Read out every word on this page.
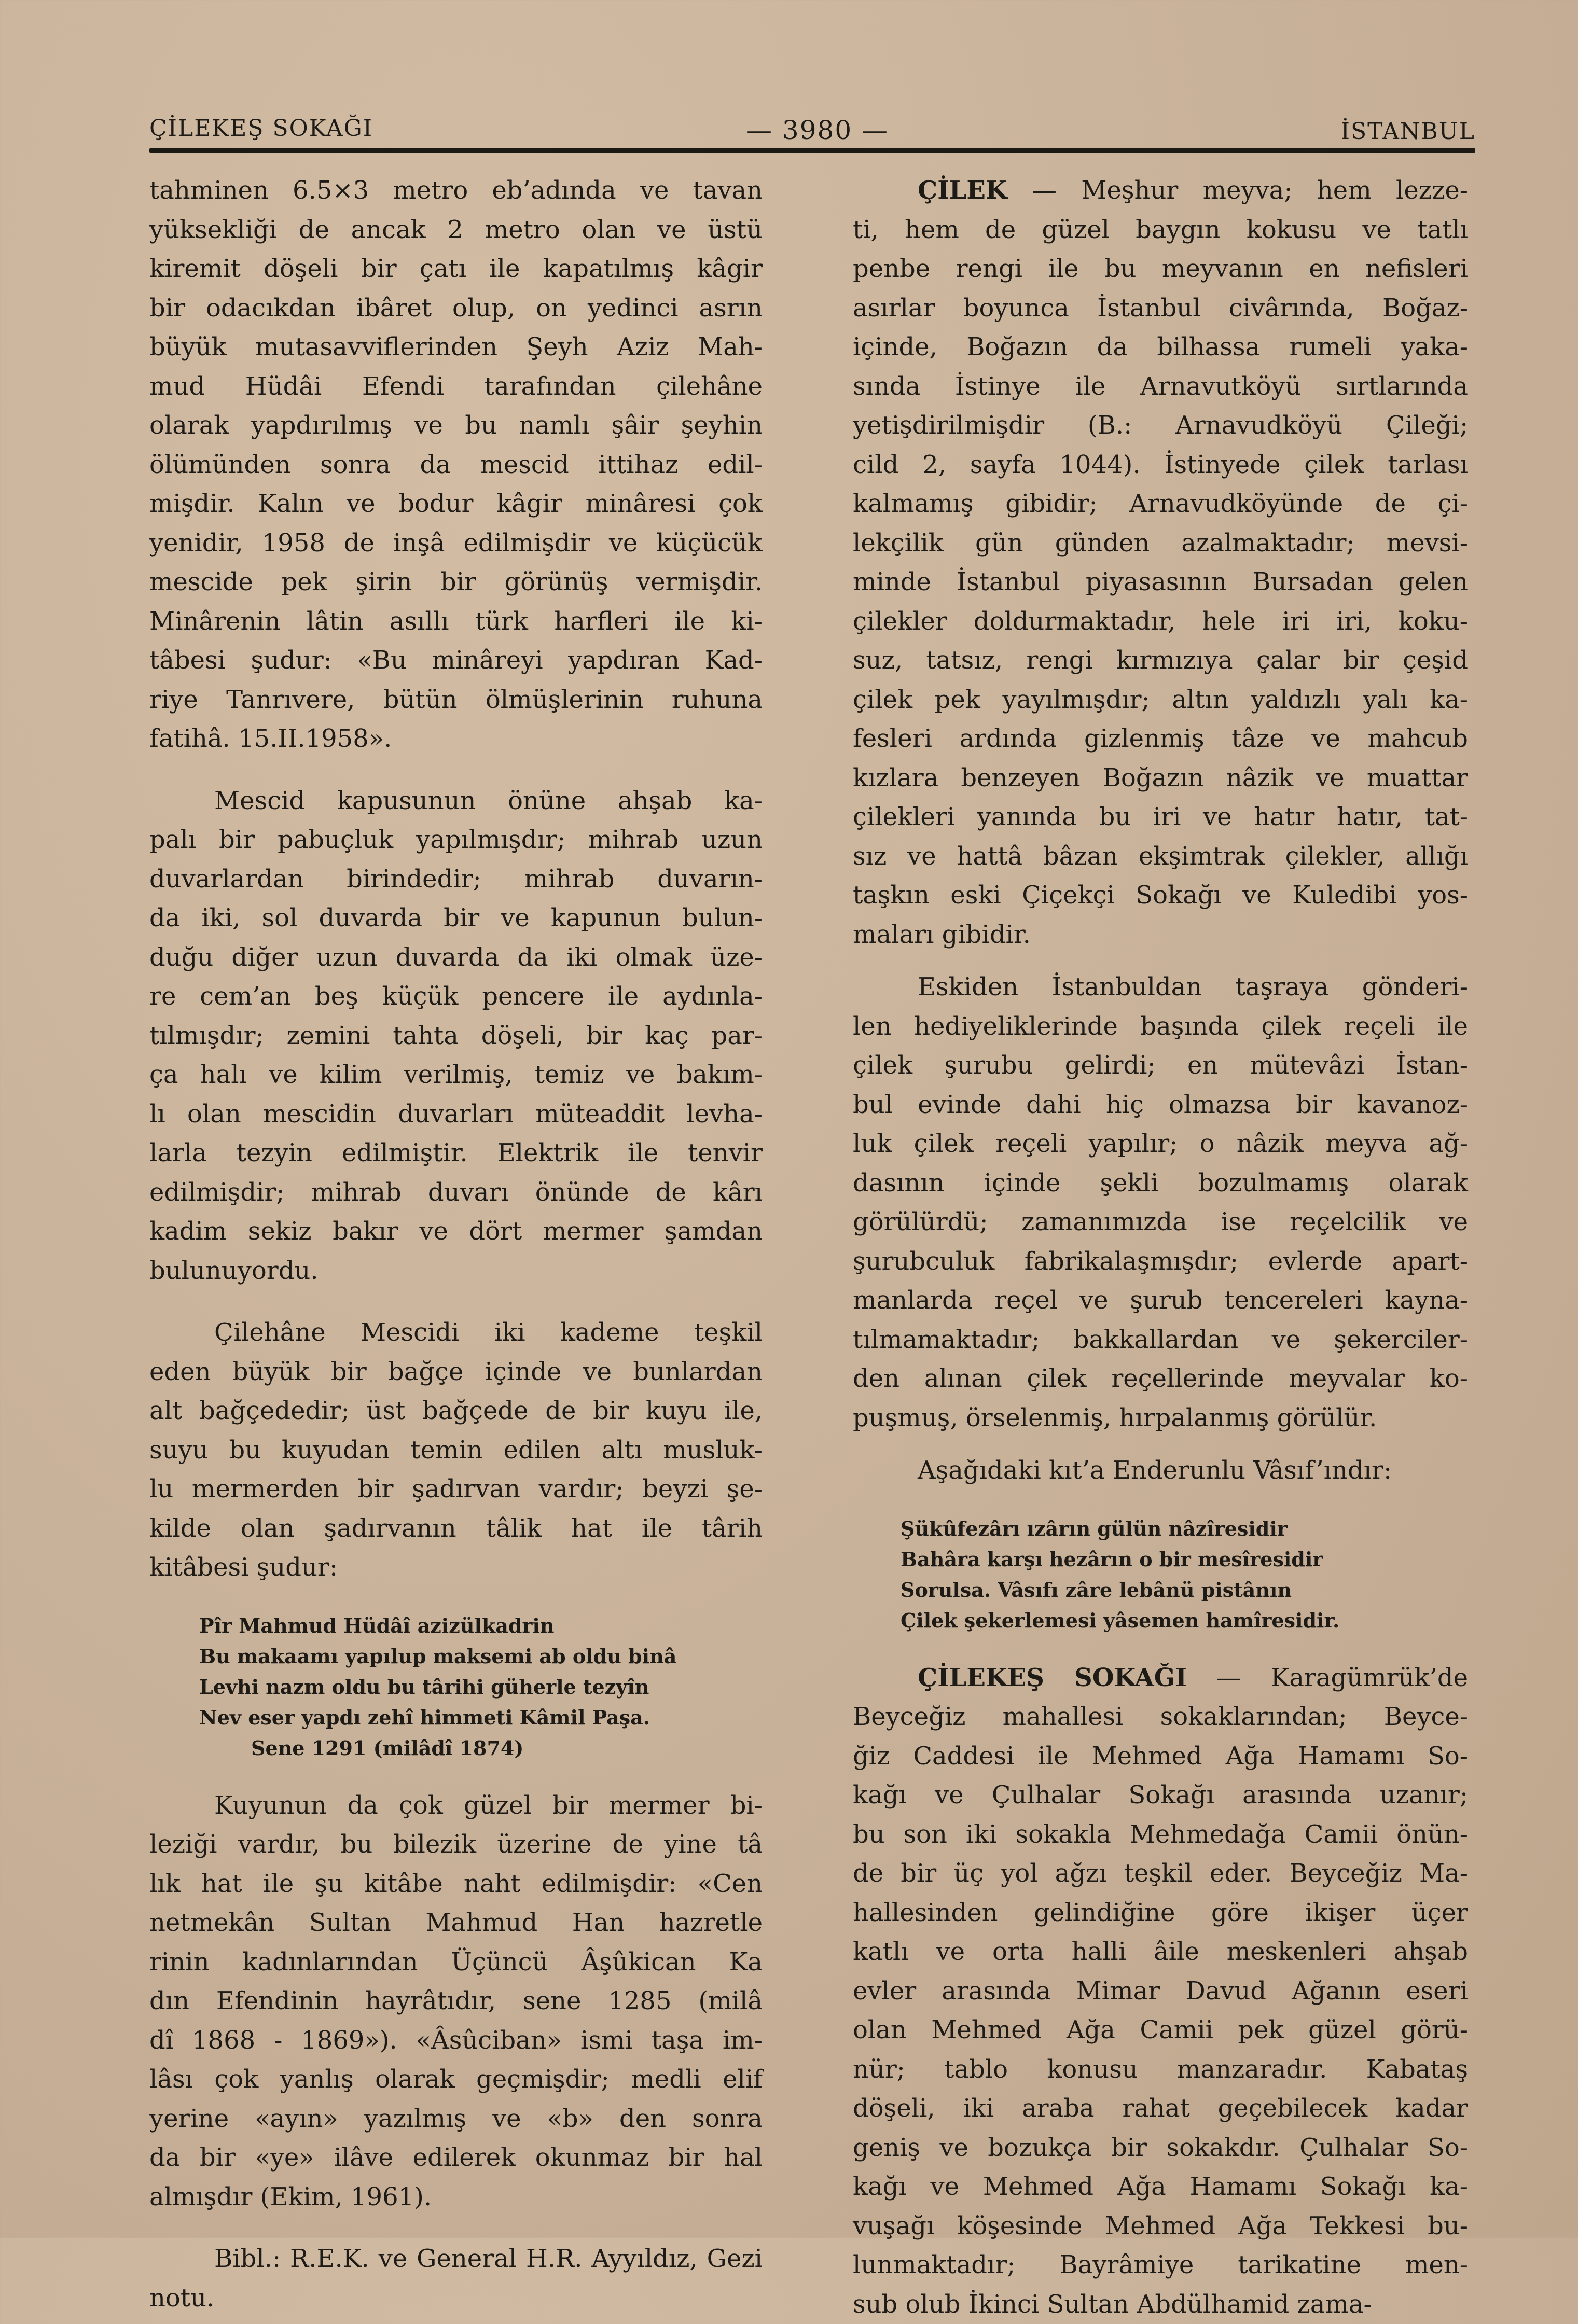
ÇİLEKEŞ SOKAĞI	— 3980 —	İSTANBUL

tahminen 6.5×3 metro eb’adında ve tavan
yüksekliği de ancak 2 metro olan ve üstü
kiremit döşeli bir çatı ile kapatılmış kâgir
bir odacıkdan ibâret olup, on yedinci asrın
büyük mutasavviflerinden Şeyh Aziz Mah-
mud Hüdâi Efendi tarafından çilehâne
olarak yapdırılmış ve bu namlı şâir şeyhin
ölümünden sonra da mescid ittihaz edil-
mişdir. Kalın ve bodur kâgir minâresi çok
yenidir, 1958 de inşâ edilmişdir ve küçücük
mescide pek şirin bir görünüş vermişdir.
Minârenin lâtin asıllı türk harfleri ile ki-
tâbesi şudur: «Bu minâreyi yapdıran Kad-
riye Tanrıvere, bütün ölmüşlerinin ruhuna
fatihâ. 15.II.1958».

Mescid kapusunun önüne ahşab ka-
palı bir pabuçluk yapılmışdır; mihrab uzun
duvarlardan birindedir; mihrab duvarın-
da iki, sol duvarda bir ve kapunun bulun-
duğu diğer uzun duvarda da iki olmak üze-
re cem’an beş küçük pencere ile aydınla-
tılmışdır; zemini tahta döşeli, bir kaç par-
ça halı ve kilim verilmiş, temiz ve bakım-
lı olan mescidin duvarları müteaddit levha-
larla tezyin edilmiştir. Elektrik ile tenvir
edilmişdir; mihrab duvarı önünde de kârı
kadim sekiz bakır ve dört mermer şamdan
bulunuyordu.

Çilehâne Mescidi iki kademe teşkil
eden büyük bir bağçe içinde ve bunlardan
alt bağçededir; üst bağçede de bir kuyu ile,
suyu bu kuyudan temin edilen altı musluk-
lu mermerden bir şadırvan vardır; beyzi şe-
kilde olan şadırvanın tâlik hat ile târih
kitâbesi şudur:

Pîr Mahmud Hüdâî azizülkadrin
Bu makaamı yapılup maksemi ab oldu binâ
Levhi nazm oldu bu târihi güherle tezyîn
Nev eser yapdı zehî himmeti Kâmil Paşa.
Sene 1291 (milâdî 1874)

Kuyunun da çok güzel bir mermer bi-
leziği vardır, bu bilezik üzerine de yine tâ
lık hat ile şu kitâbe naht edilmişdir: «Cen
netmekân Sultan Mahmud Han hazretle
rinin kadınlarından Üçüncü Âşûkican Ka
dın Efendinin hayrâtıdır, sene 1285 (milâ
dî 1868 - 1869»). «Âsûciban» ismi taşa im-
lâsı çok yanlış olarak geçmişdir; medli elif
yerine «ayın» yazılmış ve «b» den sonra
da bir «ye» ilâve edilerek okunmaz bir hal
almışdır (Ekim, 1961).

Bibl.: R.E.K. ve General H.R. Ayyıldız, Gezi
notu.

ÇİLEK — Meşhur meyva; hem lezze-
ti, hem de güzel baygın kokusu ve tatlı
penbe rengi ile bu meyvanın en nefisleri
asırlar boyunca İstanbul civârında, Boğaz-
içinde, Boğazın da bilhassa rumeli yaka-
sında İstinye ile Arnavutköyü sırtlarında
yetişdirilmişdir (B.: Arnavudköyü Çileği;
cild 2, sayfa 1044). İstinyede çilek tarlası
kalmamış gibidir; Arnavudköyünde de çi-
lekçilik gün günden azalmaktadır; mevsi-
minde İstanbul piyasasının Bursadan gelen
çilekler doldurmaktadır, hele iri iri, koku-
suz, tatsız, rengi kırmızıya çalar bir çeşid
çilek pek yayılmışdır; altın yaldızlı yalı ka-
fesleri ardında gizlenmiş tâze ve mahcub
kızlara benzeyen Boğazın nâzik ve muattar
çilekleri yanında bu iri ve hatır hatır, tat-
sız ve hattâ bâzan ekşimtrak çilekler, allığı
taşkın eski Çiçekçi Sokağı ve Kuledibi yos-
maları gibidir.

Eskiden İstanbuldan taşraya gönderi-
len hediyeliklerinde başında çilek reçeli ile
çilek şurubu gelirdi; en mütevâzi İstan-
bul evinde dahi hiç olmazsa bir kavanoz-
luk çilek reçeli yapılır; o nâzik meyva ağ-
dasının içinde şekli bozulmamış olarak
görülürdü; zamanımızda ise reçelcilik ve
şurubculuk fabrikalaşmışdır; evlerde apart-
manlarda reçel ve şurub tencereleri kayna-
tılmamaktadır; bakkallardan ve şekerciler-
den alınan çilek reçellerinde meyvalar ko-
puşmuş, örselenmiş, hırpalanmış görülür.

Aşağıdaki kıt’a Enderunlu Vâsıf’ındır:

Şükûfezârı ızârın gülün nâzîresidir
Bahâra karşı hezârın o bir mesîresidir
Sorulsa. Vâsıfı zâre lebânü pistânın
Çilek şekerlemesi yâsemen hamîresidir.

ÇİLEKEŞ SOKAĞI — Karagümrük’de
Beyceğiz mahallesi sokaklarından; Beyce-
ğiz Caddesi ile Mehmed Ağa Hamamı So-
kağı ve Çulhalar Sokağı arasında uzanır;
bu son iki sokakla Mehmedağa Camii önün-
de bir üç yol ağzı teşkil eder. Beyceğiz Ma-
hallesinden gelindiğine göre ikişer üçer
katlı ve orta halli âile meskenleri ahşab
evler arasında Mimar Davud Ağanın eseri
olan Mehmed Ağa Camii pek güzel görü-
nür; tablo konusu manzaradır. Kabataş
döşeli, iki araba rahat geçebilecek kadar
geniş ve bozukça bir sokakdır. Çulhalar So-
kağı ve Mehmed Ağa Hamamı Sokağı ka-
vuşağı köşesinde Mehmed Ağa Tekkesi bu-
lunmaktadır; Bayrâmiye tarikatine men-
sub olub İkinci Sultan Abdülhamid zama-
